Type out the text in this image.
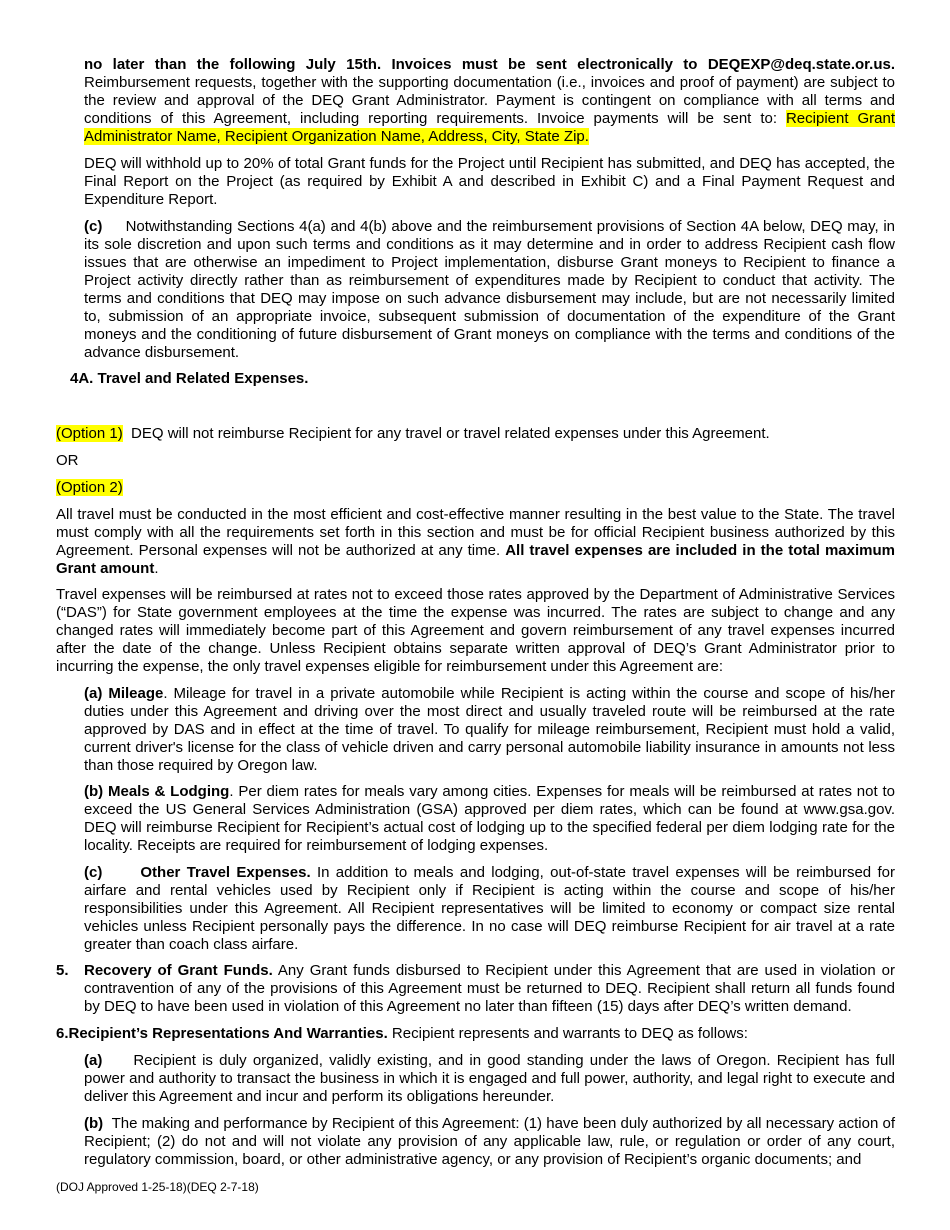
no later than the following July 15th. Invoices must be sent electronically to DEQEXP@deq.state.or.us. Reimbursement requests, together with the supporting documentation (i.e., invoices and proof of payment) are subject to the review and approval of the DEQ Grant Administrator. Payment is contingent on compliance with all terms and conditions of this Agreement, including reporting requirements. Invoice payments will be sent to: Recipient Grant Administrator Name, Recipient Organization Name, Address, City, State Zip.

DEQ will withhold up to 20% of total Grant funds for the Project until Recipient has submitted, and DEQ has accepted, the Final Report on the Project (as required by Exhibit A and described in Exhibit C) and a Final Payment Request and Expenditure Report.

(c) Notwithstanding Sections 4(a) and 4(b) above and the reimbursement provisions of Section 4A below, DEQ may, in its sole discretion and upon such terms and conditions as it may determine and in order to address Recipient cash flow issues that are otherwise an impediment to Project implementation, disburse Grant moneys to Recipient to finance a Project activity directly rather than as reimbursement of expenditures made by Recipient to conduct that activity. The terms and conditions that DEQ may impose on such advance disbursement may include, but are not necessarily limited to, submission of an appropriate invoice, subsequent submission of documentation of the expenditure of the Grant moneys and the conditioning of future disbursement of Grant moneys on compliance with the terms and conditions of the advance disbursement.

4A. Travel and Related Expenses.

(Option 1) DEQ will not reimburse Recipient for any travel or travel related expenses under this Agreement.

OR
(Option 2)

All travel must be conducted in the most efficient and cost-effective manner resulting in the best value to the State. The travel must comply with all the requirements set forth in this section and must be for official Recipient business authorized by this Agreement. Personal expenses will not be authorized at any time. All travel expenses are included in the total maximum Grant amount.

Travel expenses will be reimbursed at rates not to exceed those rates approved by the Department of Administrative Services (“DAS”) for State government employees at the time the expense was incurred. The rates are subject to change and any changed rates will immediately become part of this Agreement and govern reimbursement of any travel expenses incurred after the date of the change. Unless Recipient obtains separate written approval of DEQ’s Grant Administrator prior to incurring the expense, the only travel expenses eligible for reimbursement under this Agreement are:

(a) Mileage. Mileage for travel in a private automobile while Recipient is acting within the course and scope of his/her duties under this Agreement and driving over the most direct and usually traveled route will be reimbursed at the rate approved by DAS and in effect at the time of travel. To qualify for mileage reimbursement, Recipient must hold a valid, current driver's license for the class of vehicle driven and carry personal automobile liability insurance in amounts not less than those required by Oregon law.

(b) Meals & Lodging. Per diem rates for meals vary among cities. Expenses for meals will be reimbursed at rates not to exceed the US General Services Administration (GSA) approved per diem rates, which can be found at www.gsa.gov. DEQ will reimburse Recipient for Recipient’s actual cost of lodging up to the specified federal per diem lodging rate for the locality. Receipts are required for reimbursement of lodging expenses.

(c)      Other Travel Expenses. In addition to meals and lodging, out-of-state travel expenses will be reimbursed for airfare and rental vehicles used by Recipient only if Recipient is acting within the course and scope of his/her responsibilities under this Agreement. All Recipient representatives will be limited to economy or compact size rental vehicles unless Recipient personally pays the difference. In no case will DEQ reimburse Recipient for air travel at a rate greater than coach class airfare.

5.	Recovery of Grant Funds. Any Grant funds disbursed to Recipient under this Agreement that are used in violation or contravention of any of the provisions of this Agreement must be returned to DEQ. Recipient shall return all funds found by DEQ to have been used in violation of this Agreement no later than fifteen (15) days after DEQ’s written demand.

6.Recipient’s Representations And Warranties. Recipient represents and warrants to DEQ as follows:

(a) Recipient is duly organized, validly existing, and in good standing under the laws of Oregon. Recipient has full power and authority to transact the business in which it is engaged and full power, authority, and legal right to execute and deliver this Agreement and incur and perform its obligations hereunder.

(b) The making and performance by Recipient of this Agreement: (1) have been duly authorized by all necessary action of Recipient; (2) do not and will not violate any provision of any applicable law, rule, or regulation or order of any court, regulatory commission, board, or other administrative agency, or any provision of Recipient’s organic documents; and

(DOJ Approved 1-25-18)(DEQ 2-7-18)
